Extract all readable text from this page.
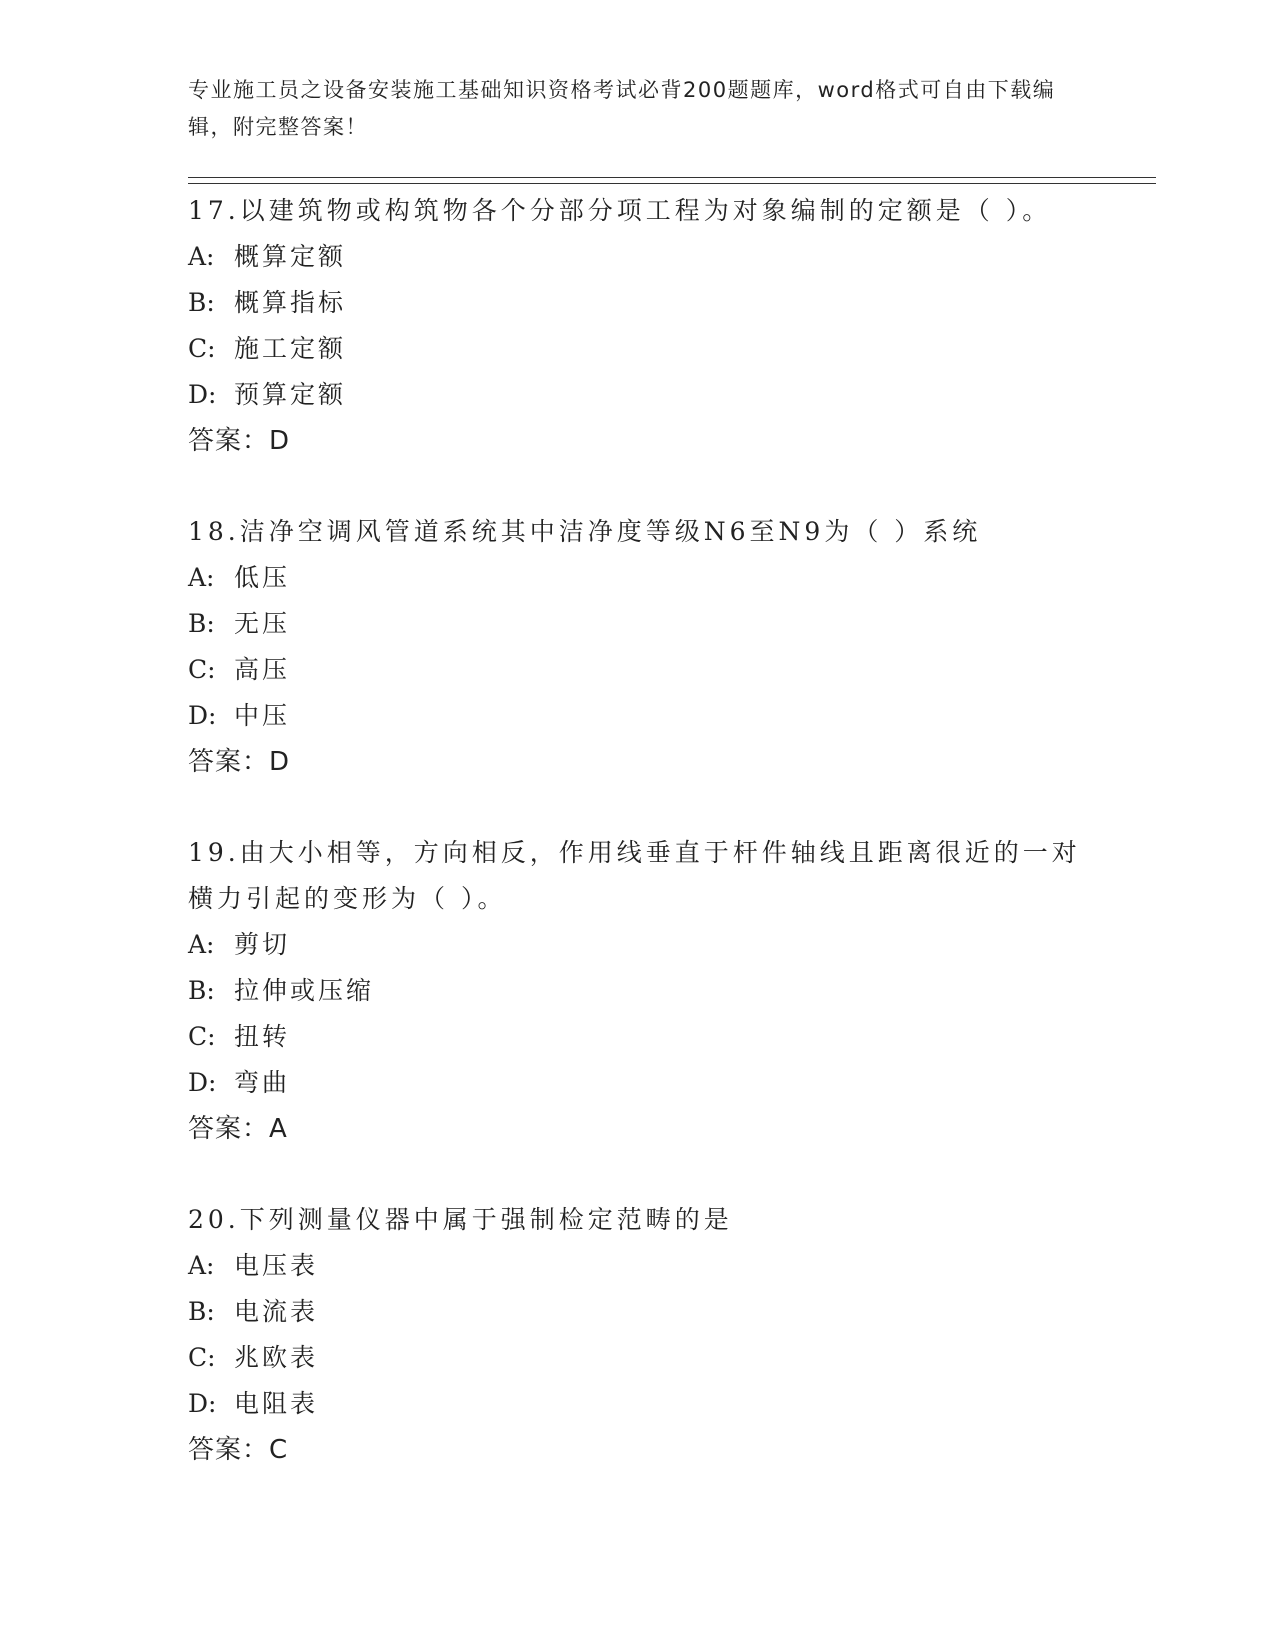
专业施工员之设备安装施工基础知识资格考试必背200题题库，word格式可自由下载编辑，附完整答案！

17.以建筑物或构筑物各个分部分项工程为对象编制的定额是（ ）。

A: 概算定额

B: 概算指标

C: 施工定额

D: 预算定额

答案：D

18.洁净空调风管道系统其中洁净度等级N6至N9为（ ）系统

A: 低压

B: 无压

C: 高压

D: 中压

答案：D

19.由大小相等，方向相反，作用线垂直于杆件轴线且距离很近的一对横力引起的变形为（ ）。

A: 剪切

B: 拉伸或压缩

C: 扭转

D: 弯曲

答案：A

20.下列测量仪器中属于强制检定范畴的是

A: 电压表

B: 电流表

C: 兆欧表

D: 电阻表

答案：C
